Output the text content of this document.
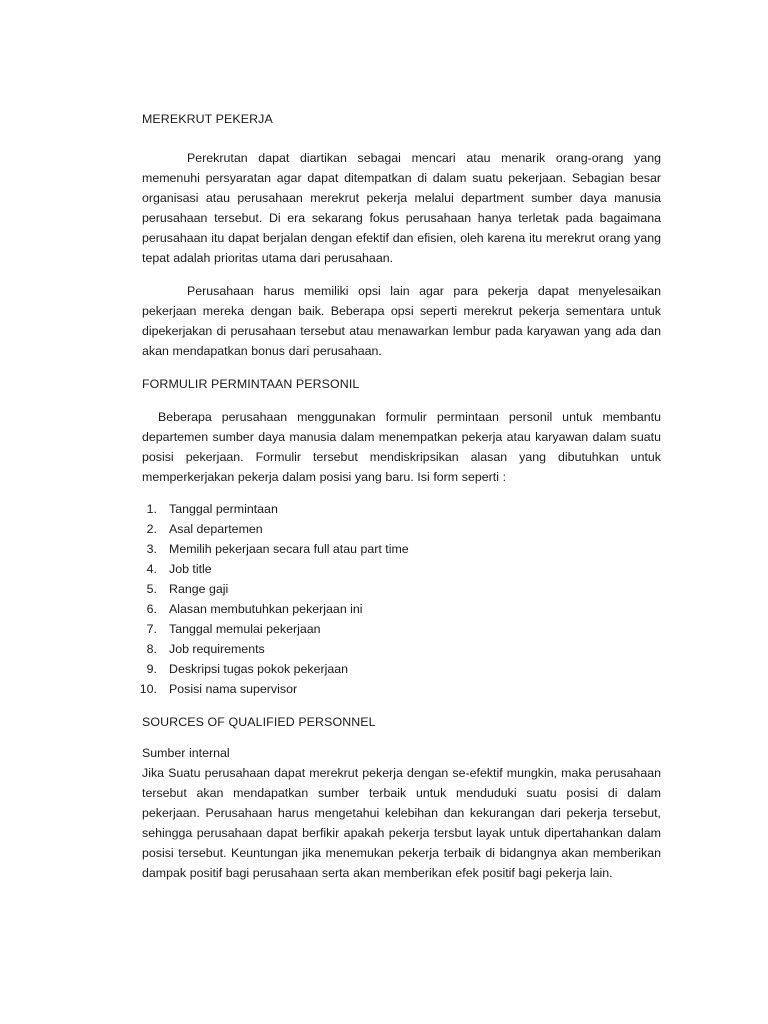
MEREKRUT PEKERJA

Perekrutan dapat diartikan sebagai mencari atau menarik orang-orang yang memenuhi persyaratan agar dapat ditempatkan di dalam suatu pekerjaan. Sebagian besar organisasi atau perusahaan merekrut pekerja melalui department sumber daya manusia perusahaan tersebut. Di era sekarang fokus perusahaan hanya terletak pada bagaimana perusahaan itu dapat berjalan dengan efektif dan efisien, oleh karena itu merekrut orang yang tepat adalah prioritas utama dari perusahaan.

Perusahaan harus memiliki opsi lain agar para pekerja dapat menyelesaikan pekerjaan mereka dengan baik. Beberapa opsi seperti merekrut pekerja sementara untuk dipekerjakan di perusahaan tersebut atau menawarkan lembur pada karyawan yang ada dan akan mendapatkan bonus dari perusahaan.

FORMULIR PERMINTAAN PERSONIL

Beberapa perusahaan menggunakan formulir permintaan personil untuk membantu departemen sumber daya manusia dalam menempatkan pekerja atau karyawan dalam suatu posisi pekerjaan. Formulir tersebut mendiskripsikan alasan yang dibutuhkan untuk memperkerjakan pekerja dalam posisi yang baru. Isi form seperti :

1. Tanggal permintaan
2. Asal departemen
3. Memilih pekerjaan secara full atau part time
4. Job title
5. Range gaji
6. Alasan membutuhkan pekerjaan ini
7. Tanggal memulai pekerjaan
8. Job requirements
9. Deskripsi tugas pokok pekerjaan
10. Posisi nama supervisor
SOURCES OF QUALIFIED PERSONNEL

Sumber internal

Jika Suatu perusahaan dapat merekrut pekerja dengan se-efektif mungkin, maka perusahaan tersebut akan mendapatkan sumber terbaik untuk menduduki suatu posisi di dalam pekerjaan. Perusahaan harus mengetahui kelebihan dan kekurangan dari pekerja tersebut, sehingga perusahaan dapat berfikir apakah pekerja tersbut layak untuk dipertahankan dalam posisi tersebut. Keuntungan jika menemukan pekerja terbaik di bidangnya akan memberikan dampak positif bagi perusahaan serta akan memberikan efek positif bagi pekerja lain.
